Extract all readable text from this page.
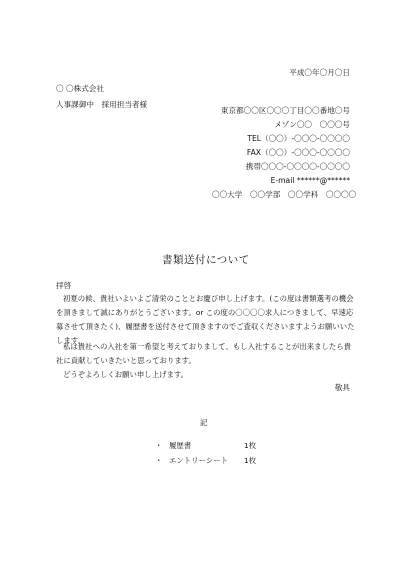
平成〇年〇月〇日
〇 〇株式会社
人事課御中　採用担当者様
東京都〇〇区〇〇〇丁目〇〇番地〇号
メゾン〇〇　〇〇〇号
TEL（〇〇）-〇〇〇-〇〇〇〇
FAX（〇〇）-〇〇〇-〇〇〇〇
携帯〇〇〇-〇〇〇〇-〇〇〇〇
E-mail ******@******
〇〇大学　〇〇学部　〇〇学科　〇〇〇〇
書類送付について
拝啓
初夏の候、貴社いよいよご清栄のこととお慶び申し上げます。(この度は書類選考の機会を頂きまして誠にありがとうございます。or この度の〇〇〇〇求人につきまして、早速応募させて頂きたく)、履歴書を送付させて頂きますのでご査収くださいますようお願いいたします。
私は貴社への入社を第一希望と考えておりまして、もし入社することが出来ましたら貴社に貢献していきたいと思っております。
どうぞよろしくお願い申し上げます。
敬具
記
・ 履歴書	1枚
・ エントリーシート	1枚
